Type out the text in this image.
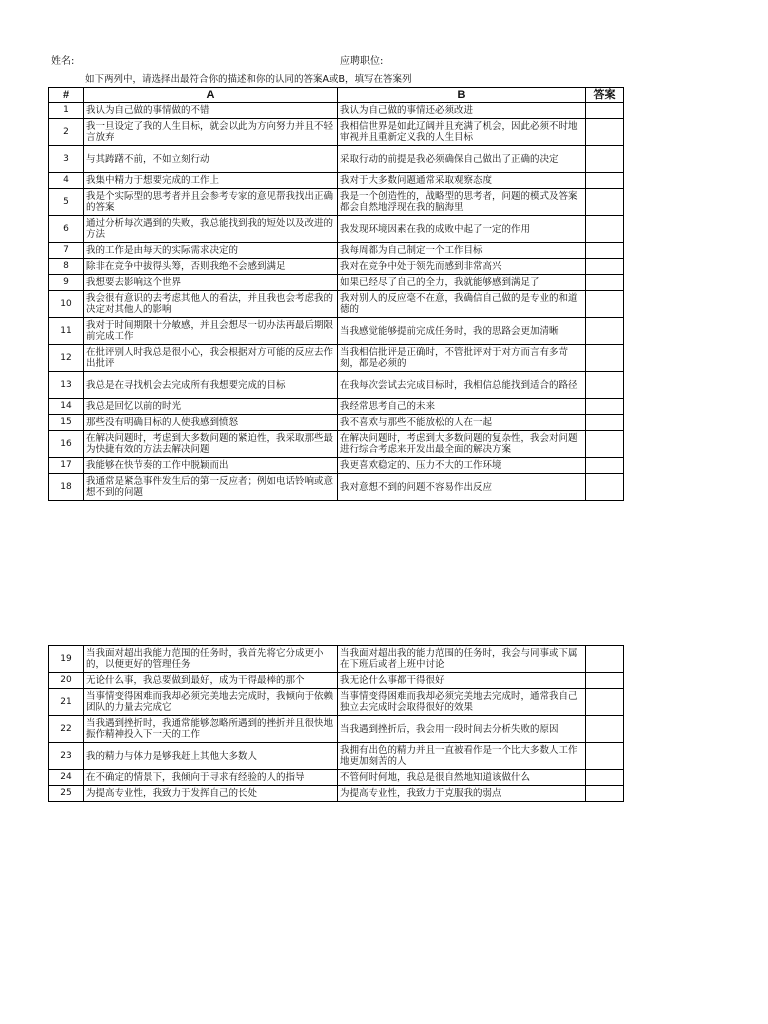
姓名:	应聘职位:
如下两列中，请选择出最符合你的描述和你的认同的答案A或B，填写在答案列
#	A	B	答案
1	我认为自己做的事情做的不错	我认为自己做的事情还必须改进	
2	我一旦设定了我的人生目标，就会以此为方向努力并且不轻言放弃	我相信世界是如此辽阔并且充满了机会，因此必须不时地审视并且重新定义我的人生目标	
3	与其踌躇不前，不如立刻行动	采取行动的前提是我必须确保自己做出了正确的决定	
4	我集中精力于想要完成的工作上	我对于大多数问题通常采取观察态度	
5	我是个实际型的思考者并且会参考专家的意见帮我找出正确的答案	我是一个创造性的，战略型的思考者，问题的模式及答案都会自然地浮现在我的脑海里	
6	通过分析每次遇到的失败，我总能找到我的短处以及改进的方法	我发现环境因素在我的成败中起了一定的作用	
7	我的工作是由每天的实际需求决定的	我每周都为自己制定一个工作目标	
8	除非在竞争中拔得头筹，否则我绝不会感到满足	我对在竞争中处于领先而感到非常高兴	
9	我想要去影响这个世界	如果已经尽了自己的全力，我就能够感到满足了	
10	我会很有意识的去考虑其他人的看法，并且我也会考虑我的决定对其他人的影响	我对别人的反应毫不在意，我确信自己做的是专业的和道德的	
11	我对于时间期限十分敏感，并且会想尽一切办法再最后期限前完成工作	当我感觉能够提前完成任务时，我的思路会更加清晰	
12	在批评别人时我总是很小心，我会根据对方可能的反应去作出批评	当我相信批评是正确时，不管批评对于对方而言有多苛刻，都是必须的	
13	我总是在寻找机会去完成所有我想要完成的目标	在我每次尝试去完成目标时，我相信总能找到适合的路径	
14	我总是回忆以前的时光	我经常思考自己的未来	
15	那些没有明确目标的人使我感到愤怒	我不喜欢与那些不能放松的人在一起	
16	在解决问题时，考虑到大多数问题的紧迫性，我采取那些最为快捷有效的方法去解决问题	在解决问题时，考虑到大多数问题的复杂性，我会对问题进行综合考虑来开发出最全面的解决方案	
17	我能够在快节奏的工作中脱颖而出	我更喜欢稳定的、压力不大的工作环境	
18	我通常是紧急事件发生后的第一反应者；例如电话铃响或意想不到的问题	我对意想不到的问题不容易作出反应	
19	当我面对超出我能力范围的任务时，我首先将它分成更小的，以便更好的管理任务	当我面对超出我的能力范围的任务时，我会与同事或下属在下班后或者上班中讨论	
20	无论什么事，我总要做到最好，成为干得最棒的那个	我无论什么事都干得很好	
21	当事情变得困难而我却必须完美地去完成时，我倾向于依赖团队的力量去完成它	当事情变得困难而我却必须完美地去完成时，通常我自己独立去完成时会取得很好的效果	
22	当我遇到挫折时，我通常能够忽略所遇到的挫折并且很快地振作精神投入下一天的工作	当我遇到挫折后，我会用一段时间去分析失败的原因	
23	我的精力与体力是够我赶上其他大多数人	我拥有出色的精力并且一直被看作是一个比大多数人工作地更加刻苦的人	
24	在不确定的情景下，我倾向于寻求有经验的人的指导	不管何时何地，我总是很自然地知道该做什么	
25	为提高专业性，我致力于发挥自己的长处	为提高专业性，我致力于克服我的弱点	
